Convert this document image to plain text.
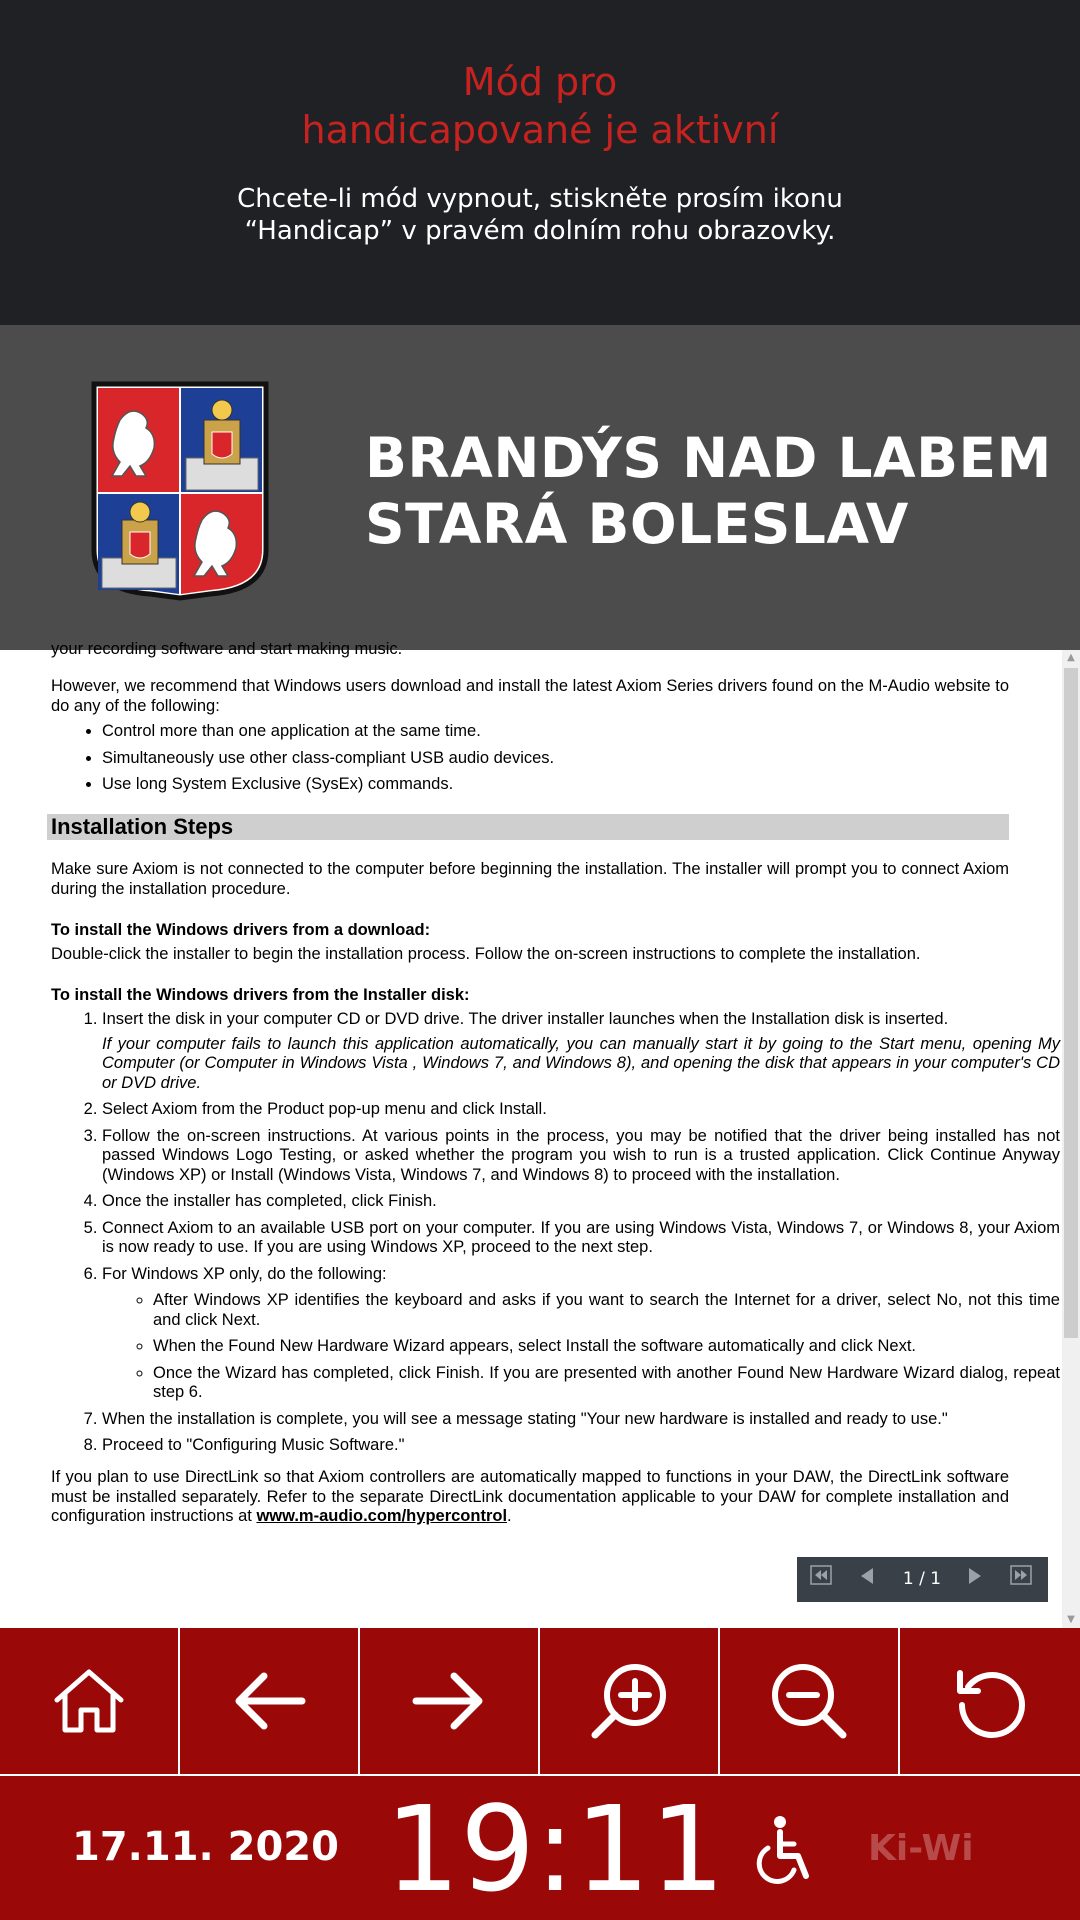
Mód pro
handicapované je aktivní
Chcete-li mód vypnout, stiskněte prosím ikonu
“Handicap” v pravém dolním rohu obrazovky.
BRANDÝS NAD LABEM
STARÁ BOLESLAV

your recording software and start making music.

However, we recommend that Windows users download and install the latest Axiom Series drivers found on the M-Audio website to do any of the following:

• Control more than one application at the same time.
• Simultaneously use other class-compliant USB audio devices.
• Use long System Exclusive (SysEx) commands.
Installation Steps

Make sure Axiom is not connected to the computer before beginning the installation. The installer will prompt you to connect Axiom during the installation procedure.

To install the Windows drivers from a download:

Double-click the installer to begin the installation process. Follow the on-screen instructions to complete the installation.

To install the Windows drivers from the Installer disk:

1. Insert the disk in your computer CD or DVD drive. The driver installer launches when the Installation disk is inserted.
If your computer fails to launch this application automatically, you can manually start it by going to the Start menu, opening My Computer (or Computer in Windows Vista , Windows 7, and Windows 8), and opening the disk that appears in your computer's CD or DVD drive.
2. Select Axiom from the Product pop-up menu and click Install.
3. Follow the on-screen instructions. At various points in the process, you may be notified that the driver being installed has not passed Windows Logo Testing, or asked whether the program you wish to run is a trusted application. Click Continue Anyway (Windows XP) or Install (Windows Vista, Windows 7, and Windows 8) to proceed with the installation.
4. Once the installer has completed, click Finish.
5. Connect Axiom to an available USB port on your computer. If you are using Windows Vista, Windows 7, or Windows 8, your Axiom is now ready to use. If you are using Windows XP, proceed to the next step.
6. For Windows XP only, do the following:
◦ After Windows XP identifies the keyboard and asks if you want to search the Internet for a driver, select No, not this time and click Next.
◦ When the Found New Hardware Wizard appears, select Install the software automatically and click Next.
◦ Once the Wizard has completed, click Finish. If you are presented with another Found New Hardware Wizard dialog, repeat step 6.
7. When the installation is complete, you will see a message stating "Your new hardware is installed and ready to use."
8. Proceed to "Configuring Music Software."

If you plan to use DirectLink so that Axiom controllers are automatically mapped to functions in your DAW, the DirectLink software must be installed separately. Refer to the separate DirectLink documentation applicable to your DAW for complete installation and configuration instructions at www.m-audio.com/hypercontrol.

▲
▼
1 / 1
17.11. 2020 19:11	Ki-Wi
